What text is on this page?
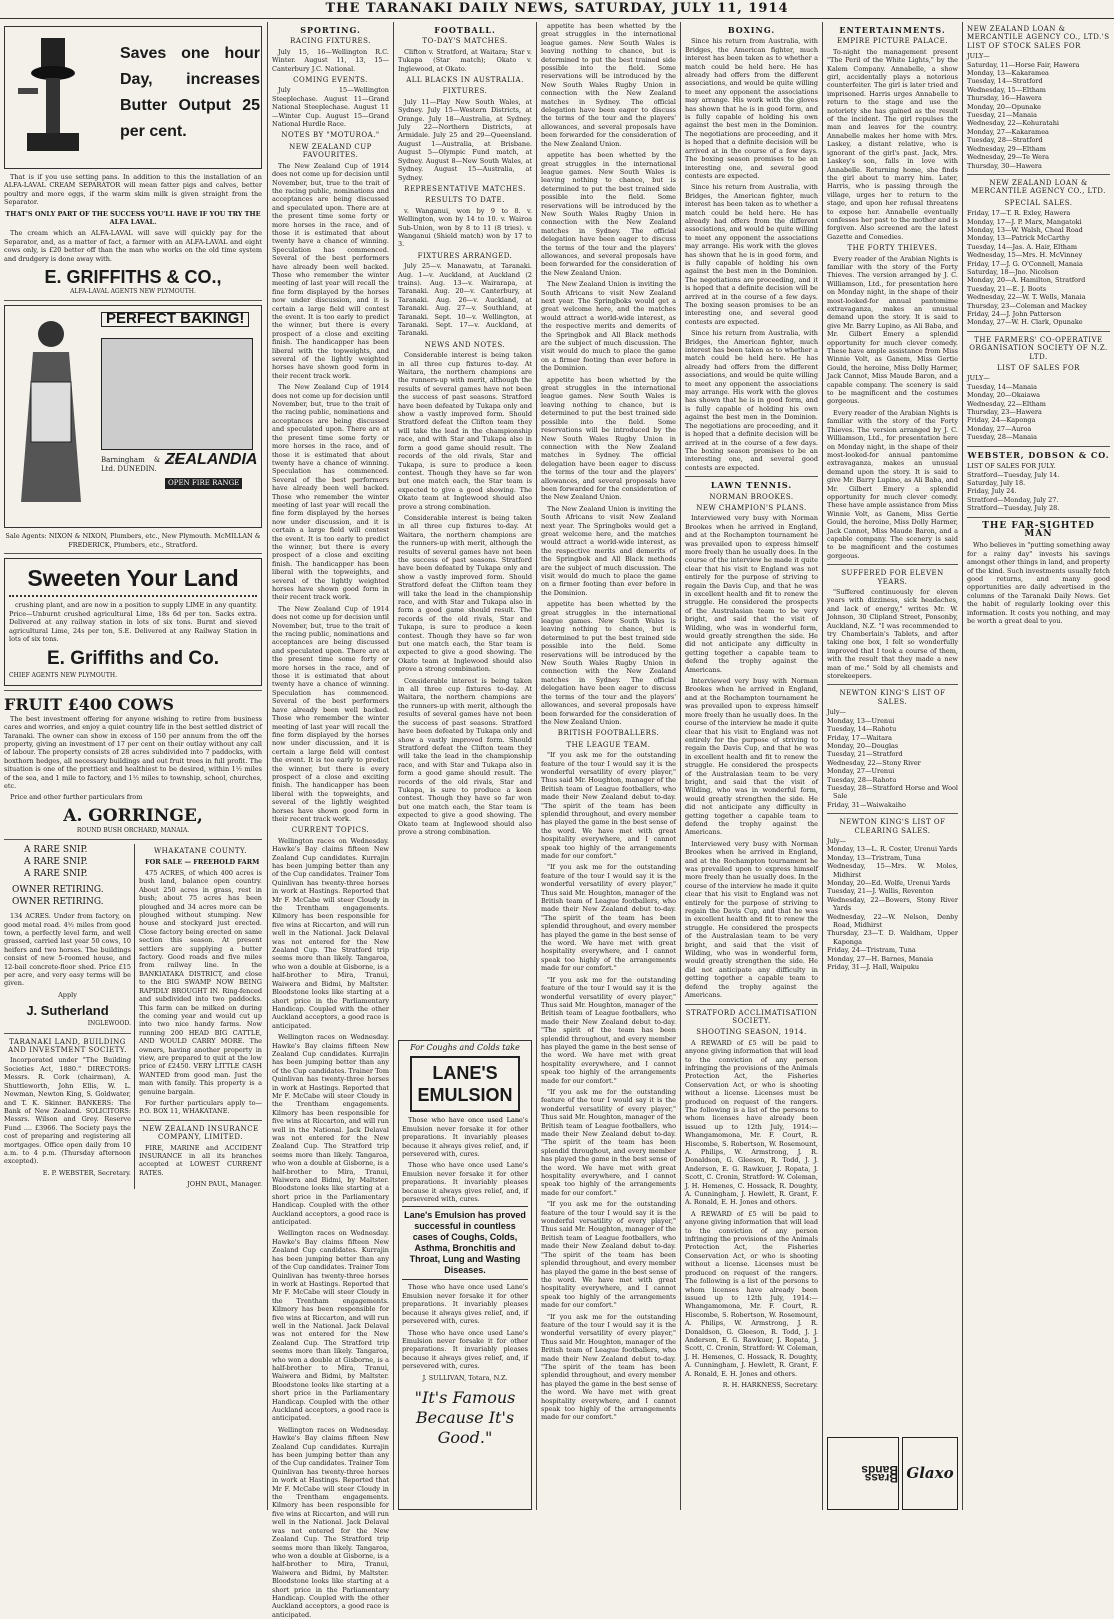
THE TARANAKI DAILY NEWS, SATURDAY, JULY 11, 1914
Saves one hour Day, increases Butter Output 25 per cent.

That is if you use setting pans. In addition to this the installation of an ALFA-LAVAL CREAM SEPARATOR will mean fatter pigs and calves, better poultry and more eggs, if the warm skim milk is given straight from the Separator.

THAT'S ONLY PART OF THE SUCCESS YOU'LL HAVE IF YOU TRY THE ALFA LAVAL.

The cream which an ALFA-LAVAL will save will quickly pay for the Separator, and, as a matter of fact, a farmer with an ALFA-LAVAL and eight cows only, is £20 better off than the man who works on the old time system and drudgery is done away with.

E. GRIFFITHS & CO.,
ALFA-LAVAL AGENTS NEW PLYMOUTH.
PERFECT BAKING!
Barningham & Co. Ltd. DUNEDIN.
ZEALANDIA
OPEN FIRE RANGE

Sale Agents: NIXON & NIXON, Plumbers, etc., New Plymouth. McMILLAN & FREDERICK, Plumbers, etc., Stratford.

Sweeten Your Land

crushing plant, and are now in a position to supply LIME in any quantity. Price—Unburnt crushed agricultural Lime, 18s 6d per ton. Sacks extra. Delivered at any railway station in lots of six tons. Burnt and sieved agricultural Lime, 24s per ton, S.E. Delivered at any Railway Station in lots of six tons.

E. Griffiths and Co.
CHIEF AGENTS NEW PLYMOUTH.
FRUIT £400 COWS

The best investment offering for anyone wishing to retire from business cares and worries, and enjoy a quiet country life in the best settled district of Taranaki. The owner can show in excess of 150 per annum from the off the property, giving an investment of 17 per cent on their outlay without any call of labour. The property consists of 28 acres subdivided into 7 paddocks, with boxthorn hedges, all necessary buildings and out fruit trees in full profit. The situation is one of the prettiest and healthiest to be desired, within 1½ miles of the sea, and 1 mile to factory, and 1½ miles to township, school, churches, etc.

Price and other further particulars from

A. GORRINGE,
ROUND BUSH ORCHARD, MANAIA.
A RARE SNIP.
A RARE SNIP.
A RARE SNIP.
OWNER RETIRING.
OWNER RETIRING.

134 ACRES. Under from factory, on good metal road. 4½ miles from good town, a perfectly level farm, and well grassed, carried last year 50 cows, 10 heifers and two horses. The buildings consist of new 5-roomed house, and 12-bail concrete-floor shed. Price £15 per acre, and very easy terms will be given.

Apply

J. Sutherland
INGLEWOOD.
TARANAKI LAND, BUILDING AND INVESTMENT SOCIETY.

Incorporated under "The Building Societies Act, 1880." DIRECTORS: Messrs. R. Cork (chairman), A. Shuttleworth, John Ellis, W. L. Newman, Newton King, S. Goldwater, and T. K. Skinner. BANKERS: The Bank of New Zealand. SOLICITORS: Messrs. Wilson and Grey. Reserve Fund .... £3966. The Society pays the cost of preparing and registering all mortgages. Office open daily from 10 a.m. to 4 p.m. (Thursday afternoon excepted).

E. P. WEBSTER, Secretary.
WHAKATANE COUNTY.

FOR SALE — FREEHOLD FARM

475 ACRES, of which 400 acres is bush land, balance open country. About 250 acres in grass, rest in bush; about 75 acres has been ploughed and 34 acres more can be ploughed without stumping. New house and stockyard just erected. Close factory being erected on same section this season. At present settlers are supplying a butter factory. Good roads and five miles from railway line. In the BANKIATAKA DISTRICT, and close to the BIG SWAMP NOW BEING RAPIDLY BROUGHT IN. Ring-fenced and subdivided into two paddocks. This farm can be milked on during the coming year and would cut up into two nice handy farms. Now running 200 HEAD BIG CATTLE, AND WOULD CARRY MORE. The owners, having another property in view, are prepared to quit at the low price of £2450. VERY LITTLE CASH WANTED from good man. Just the man with family. This property is a genuine bargain.

For further particulars apply to— P.O. BOX 11, WHAKATANE.

NEW ZEALAND INSURANCE COMPANY, LIMITED.

FIRE, MARINE and ACCIDENT INSURANCE in all its branches accepted at LOWEST CURRENT RATES.

JOHN PAUL, Manager.
SPORTING.
RACING FIXTURES.

July 15, 16—Wellington R.C. Winter. August 11, 13, 15—Canterbury J.C. National.

COMING EVENTS.

July 15—Wellington Steeplechase. August 11—Grand National Steeplechase. August 11—Winter Cup. August 15—Grand National Hurdle Race.

NOTES BY "MOTUROA."
NEW ZEALAND CUP FAVOURITES.

The New Zealand Cup of 1914 does not come up for decision until November, but, true to the trait of the racing public, nominations and acceptances are being discussed and speculated upon. There are at the present time some forty or more horses in the race, and of those it is estimated that about twenty have a chance of winning. Speculation has commenced. Several of the best performers have already been well backed. Those who remember the winter meeting of last year will recall the fine form displayed by the horses now under discussion, and it is certain a large field will contest the event. It is too early to predict the winner, but there is every prospect of a close and exciting finish. The handicapper has been liberal with the topweights, and several of the lightly weighted horses have shown good form in their recent track work.

The New Zealand Cup of 1914 does not come up for decision until November, but, true to the trait of the racing public, nominations and acceptances are being discussed and speculated upon. There are at the present time some forty or more horses in the race, and of those it is estimated that about twenty have a chance of winning. Speculation has commenced. Several of the best performers have already been well backed. Those who remember the winter meeting of last year will recall the fine form displayed by the horses now under discussion, and it is certain a large field will contest the event. It is too early to predict the winner, but there is every prospect of a close and exciting finish. The handicapper has been liberal with the topweights, and several of the lightly weighted horses have shown good form in their recent track work.

The New Zealand Cup of 1914 does not come up for decision until November, but, true to the trait of the racing public, nominations and acceptances are being discussed and speculated upon. There are at the present time some forty or more horses in the race, and of those it is estimated that about twenty have a chance of winning. Speculation has commenced. Several of the best performers have already been well backed. Those who remember the winter meeting of last year will recall the fine form displayed by the horses now under discussion, and it is certain a large field will contest the event. It is too early to predict the winner, but there is every prospect of a close and exciting finish. The handicapper has been liberal with the topweights, and several of the lightly weighted horses have shown good form in their recent track work.

CURRENT TOPICS.

Wellington races on Wednesday. Hawke's Bay claims fifteen New Zealand Cup candidates. Kurrajin has been jumping better than any of the Cup candidates. Trainer Tom Quinlivan has twenty-three horses in work at Hastings. Reported that Mr F. McCabe will steer Cloudy in the Trentham engagements. Kilmory has been responsible for five wins at Riccarton, and will run well in the National. Jack Delaval was not entered for the New Zealand Cup. The Stratford trip seems more than likely. Tangaroa, who won a double at Gisborne, is a half-brother to Mira, Tranui, Waiwera and Bidmi, by Maltster. Bloodstone looks like starting at a short price in the Parliamentary Handicap. Coupled with the other Auckland acceptors, a good race is anticipated.

Wellington races on Wednesday. Hawke's Bay claims fifteen New Zealand Cup candidates. Kurrajin has been jumping better than any of the Cup candidates. Trainer Tom Quinlivan has twenty-three horses in work at Hastings. Reported that Mr F. McCabe will steer Cloudy in the Trentham engagements. Kilmory has been responsible for five wins at Riccarton, and will run well in the National. Jack Delaval was not entered for the New Zealand Cup. The Stratford trip seems more than likely. Tangaroa, who won a double at Gisborne, is a half-brother to Mira, Tranui, Waiwera and Bidmi, by Maltster. Bloodstone looks like starting at a short price in the Parliamentary Handicap. Coupled with the other Auckland acceptors, a good race is anticipated.

Wellington races on Wednesday. Hawke's Bay claims fifteen New Zealand Cup candidates. Kurrajin has been jumping better than any of the Cup candidates. Trainer Tom Quinlivan has twenty-three horses in work at Hastings. Reported that Mr F. McCabe will steer Cloudy in the Trentham engagements. Kilmory has been responsible for five wins at Riccarton, and will run well in the National. Jack Delaval was not entered for the New Zealand Cup. The Stratford trip seems more than likely. Tangaroa, who won a double at Gisborne, is a half-brother to Mira, Tranui, Waiwera and Bidmi, by Maltster. Bloodstone looks like starting at a short price in the Parliamentary Handicap. Coupled with the other Auckland acceptors, a good race is anticipated.

Wellington races on Wednesday. Hawke's Bay claims fifteen New Zealand Cup candidates. Kurrajin has been jumping better than any of the Cup candidates. Trainer Tom Quinlivan has twenty-three horses in work at Hastings. Reported that Mr F. McCabe will steer Cloudy in the Trentham engagements. Kilmory has been responsible for five wins at Riccarton, and will run well in the National. Jack Delaval was not entered for the New Zealand Cup. The Stratford trip seems more than likely. Tangaroa, who won a double at Gisborne, is a half-brother to Mira, Tranui, Waiwera and Bidmi, by Maltster. Bloodstone looks like starting at a short price in the Parliamentary Handicap. Coupled with the other Auckland acceptors, a good race is anticipated.

FOOTBALL.
TO-DAY'S MATCHES.

Clifton v. Stratford, at Waitara; Star v. Tukapa (Star match); Okato v. Inglewood, at Okato.

ALL BLACKS IN AUSTRALIA.
FIXTURES.

July 11—Play New South Wales, at Sydney. July 15—Western Districts, at Orange. July 18—Australia, at Sydney. July 22—Northern Districts, at Armidale. July 25 and 29—Queensland. August 1—Australia, at Brisbane. August 5—Olympic Fund match, at Sydney. August 8—New South Wales, at Sydney. August 15—Australia, at Sydney.

REPRESENTATIVE MATCHES.
RESULTS TO DATE.

v. Wanganui, won by 9 to 8. v. Wellington, won by 14 to 10. v. Wairoa Sub-Union, won by 8 to 11 (8 tries). v. Wanganui (Shield match) won by 17 to 3.

FIXTURES ARRANGED.

July 25—v. Manawatu, at Taranaki. Aug. 1—v. Auckland, at Auckland (2 trains). Aug. 13—v. Wairarapa, at Taranaki. Aug. 20—v. Canterbury, at Taranaki. Aug. 26—v. Auckland, at Taranaki. Aug. 27—v. Southland, at Taranaki. Sept. 10—v. Wellington, at Taranaki. Sept. 17—v. Auckland, at Taranaki.

NEWS AND NOTES.

Considerable interest is being taken in all three cup fixtures to-day. At Waitara, the northern champions are the runners-up with merit, although the results of several games have not been the success of past seasons. Stratford have been defeated by Tukapa only and show a vastly improved form. Should Stratford defeat the Clifton team they will take the lead in the championship race, and with Star and Tukapa also in form a good game should result. The records of the old rivals, Star and Tukapa, is sure to produce a keen contest. Though they have so far won but one match each, the Star team is expected to give a good showing. The Okato team at Inglewood should also prove a strong combination.

Considerable interest is being taken in all three cup fixtures to-day. At Waitara, the northern champions are the runners-up with merit, although the results of several games have not been the success of past seasons. Stratford have been defeated by Tukapa only and show a vastly improved form. Should Stratford defeat the Clifton team they will take the lead in the championship race, and with Star and Tukapa also in form a good game should result. The records of the old rivals, Star and Tukapa, is sure to produce a keen contest. Though they have so far won but one match each, the Star team is expected to give a good showing. The Okato team at Inglewood should also prove a strong combination.

Considerable interest is being taken in all three cup fixtures to-day. At Waitara, the northern champions are the runners-up with merit, although the results of several games have not been the success of past seasons. Stratford have been defeated by Tukapa only and show a vastly improved form. Should Stratford defeat the Clifton team they will take the lead in the championship race, and with Star and Tukapa also in form a good game should result. The records of the old rivals, Star and Tukapa, is sure to produce a keen contest. Though they have so far won but one match each, the Star team is expected to give a good showing. The Okato team at Inglewood should also prove a strong combination.

For Coughs and Colds take
LANE'S EMULSION

Those who have once used Lane's Emulsion never forsake it for other preparations. It invariably pleases because it always gives relief, and, if persevered with, cures.

Those who have once used Lane's Emulsion never forsake it for other preparations. It invariably pleases because it always gives relief, and, if persevered with, cures.

Lane's Emulsion has proved successful in countless cases of Coughs, Colds, Asthma, Bronchitis and Throat, Lung and Wasting Diseases.

Those who have once used Lane's Emulsion never forsake it for other preparations. It invariably pleases because it always gives relief, and, if persevered with, cures.

Those who have once used Lane's Emulsion never forsake it for other preparations. It invariably pleases because it always gives relief, and, if persevered with, cures.

J. SULLIVAN, Totara, N.Z.
"It's Famous Because It's Good."

appetite has been whetted by the great struggles in the international league games. New South Wales is leaving nothing to chance, but is determined to put the best trained side possible into the field. Some reservations will be introduced by the New South Wales Rugby Union in connection with the New Zealand matches in Sydney. The official delegation have been eager to discuss the terms of the tour and the players' allowances, and several proposals have been forwarded for the consideration of the New Zealand Union.

appetite has been whetted by the great struggles in the international league games. New South Wales is leaving nothing to chance, but is determined to put the best trained side possible into the field. Some reservations will be introduced by the New South Wales Rugby Union in connection with the New Zealand matches in Sydney. The official delegation have been eager to discuss the terms of the tour and the players' allowances, and several proposals have been forwarded for the consideration of the New Zealand Union.

The New Zealand Union is inviting the South Africans to visit New Zealand next year. The Springboks would get a great welcome here, and the matches would attract a world-wide interest, as the respective merits and demerits of the Springbok and All Black methods are the subject of much discussion. The visit would do much to place the game on a firmer footing than ever before in the Dominion.

appetite has been whetted by the great struggles in the international league games. New South Wales is leaving nothing to chance, but is determined to put the best trained side possible into the field. Some reservations will be introduced by the New South Wales Rugby Union in connection with the New Zealand matches in Sydney. The official delegation have been eager to discuss the terms of the tour and the players' allowances, and several proposals have been forwarded for the consideration of the New Zealand Union.

The New Zealand Union is inviting the South Africans to visit New Zealand next year. The Springboks would get a great welcome here, and the matches would attract a world-wide interest, as the respective merits and demerits of the Springbok and All Black methods are the subject of much discussion. The visit would do much to place the game on a firmer footing than ever before in the Dominion.

appetite has been whetted by the great struggles in the international league games. New South Wales is leaving nothing to chance, but is determined to put the best trained side possible into the field. Some reservations will be introduced by the New South Wales Rugby Union in connection with the New Zealand matches in Sydney. The official delegation have been eager to discuss the terms of the tour and the players' allowances, and several proposals have been forwarded for the consideration of the New Zealand Union.

BRITISH FOOTBALLERS.
THE LEAGUE TEAM.

"If you ask me for the outstanding feature of the tour I would say it is the wonderful versatility of every player," Thus said Mr. Houghton, manager of the British team of League footballers, who made their New Zealand debut to-day. "The spirit of the team has been splendid throughout, and every member has played the game in the best sense of the word. We have met with great hospitality everywhere, and I cannot speak too highly of the arrangements made for our comfort."

"If you ask me for the outstanding feature of the tour I would say it is the wonderful versatility of every player," Thus said Mr. Houghton, manager of the British team of League footballers, who made their New Zealand debut to-day. "The spirit of the team has been splendid throughout, and every member has played the game in the best sense of the word. We have met with great hospitality everywhere, and I cannot speak too highly of the arrangements made for our comfort."

"If you ask me for the outstanding feature of the tour I would say it is the wonderful versatility of every player," Thus said Mr. Houghton, manager of the British team of League footballers, who made their New Zealand debut to-day. "The spirit of the team has been splendid throughout, and every member has played the game in the best sense of the word. We have met with great hospitality everywhere, and I cannot speak too highly of the arrangements made for our comfort."

"If you ask me for the outstanding feature of the tour I would say it is the wonderful versatility of every player," Thus said Mr. Houghton, manager of the British team of League footballers, who made their New Zealand debut to-day. "The spirit of the team has been splendid throughout, and every member has played the game in the best sense of the word. We have met with great hospitality everywhere, and I cannot speak too highly of the arrangements made for our comfort."

"If you ask me for the outstanding feature of the tour I would say it is the wonderful versatility of every player," Thus said Mr. Houghton, manager of the British team of League footballers, who made their New Zealand debut to-day. "The spirit of the team has been splendid throughout, and every member has played the game in the best sense of the word. We have met with great hospitality everywhere, and I cannot speak too highly of the arrangements made for our comfort."

"If you ask me for the outstanding feature of the tour I would say it is the wonderful versatility of every player," Thus said Mr. Houghton, manager of the British team of League footballers, who made their New Zealand debut to-day. "The spirit of the team has been splendid throughout, and every member has played the game in the best sense of the word. We have met with great hospitality everywhere, and I cannot speak too highly of the arrangements made for our comfort."

BOXING.

Since his return from Australia, with Bridges, the American fighter, much interest has been taken as to whether a match could be held here. He has already had offers from the different associations, and would be quite willing to meet any opponent the associations may arrange. His work with the gloves has shown that he is in good form, and is fully capable of holding his own against the best men in the Dominion. The negotiations are proceeding, and it is hoped that a definite decision will be arrived at in the course of a few days. The boxing season promises to be an interesting one, and several good contests are expected.

Since his return from Australia, with Bridges, the American fighter, much interest has been taken as to whether a match could be held here. He has already had offers from the different associations, and would be quite willing to meet any opponent the associations may arrange. His work with the gloves has shown that he is in good form, and is fully capable of holding his own against the best men in the Dominion. The negotiations are proceeding, and it is hoped that a definite decision will be arrived at in the course of a few days. The boxing season promises to be an interesting one, and several good contests are expected.

Since his return from Australia, with Bridges, the American fighter, much interest has been taken as to whether a match could be held here. He has already had offers from the different associations, and would be quite willing to meet any opponent the associations may arrange. His work with the gloves has shown that he is in good form, and is fully capable of holding his own against the best men in the Dominion. The negotiations are proceeding, and it is hoped that a definite decision will be arrived at in the course of a few days. The boxing season promises to be an interesting one, and several good contests are expected.

LAWN TENNIS.
NORMAN BROOKES.
NEW CHAMPION'S PLANS.

Interviewed very busy with Norman Brookes when he arrived in England, and at the Rochampton tournament he was prevailed upon to express himself more freely than he usually does. In the course of the interview he made it quite clear that his visit to England was not entirely for the purpose of striving to regain the Davis Cup, and that he was in excellent health and fit to renew the struggle. He considered the prospects of the Australasian team to be very bright, and said that the visit of Wilding, who was in wonderful form, would greatly strengthen the side. He did not anticipate any difficulty in getting together a capable team to defend the trophy against the Americans.

Interviewed very busy with Norman Brookes when he arrived in England, and at the Rochampton tournament he was prevailed upon to express himself more freely than he usually does. In the course of the interview he made it quite clear that his visit to England was not entirely for the purpose of striving to regain the Davis Cup, and that he was in excellent health and fit to renew the struggle. He considered the prospects of the Australasian team to be very bright, and said that the visit of Wilding, who was in wonderful form, would greatly strengthen the side. He did not anticipate any difficulty in getting together a capable team to defend the trophy against the Americans.

Interviewed very busy with Norman Brookes when he arrived in England, and at the Rochampton tournament he was prevailed upon to express himself more freely than he usually does. In the course of the interview he made it quite clear that his visit to England was not entirely for the purpose of striving to regain the Davis Cup, and that he was in excellent health and fit to renew the struggle. He considered the prospects of the Australasian team to be very bright, and said that the visit of Wilding, who was in wonderful form, would greatly strengthen the side. He did not anticipate any difficulty in getting together a capable team to defend the trophy against the Americans.

STRATFORD ACCLIMATISATION SOCIETY.
SHOOTING SEASON, 1914.

A REWARD of £5 will be paid to anyone giving information that will lead to the conviction of any person infringing the provisions of the Animals Protection Act, the Fisheries Conservation Act, or who is shooting without a license. Licenses must be produced on request of the rangers. The following is a list of the persons to whom licenses have already been issued up to 12th July, 1914:—Whangamomona, Mr. F. Court, R. Hiscombe, S. Robertson, W. Rosemount, A. Philips, W. Armstrong, J. R. Donaldson, G. Gleeson, R. Todd, J. J. Anderson, E. G. Rawkuer, J. Ropata, J. Scott, C. Cronin, Stratford: W. Coleman, J. H. Hemenes, C. Hossack, R. Doughty, A. Cunningham, J. Hewlett, R. Grant, F. A. Ronald, E. H. Jones and others.

A REWARD of £5 will be paid to anyone giving information that will lead to the conviction of any person infringing the provisions of the Animals Protection Act, the Fisheries Conservation Act, or who is shooting without a license. Licenses must be produced on request of the rangers. The following is a list of the persons to whom licenses have already been issued up to 12th July, 1914:—Whangamomona, Mr. F. Court, R. Hiscombe, S. Robertson, W. Rosemount, A. Philips, W. Armstrong, J. R. Donaldson, G. Gleeson, R. Todd, J. J. Anderson, E. G. Rawkuer, J. Ropata, J. Scott, C. Cronin, Stratford: W. Coleman, J. H. Hemenes, C. Hossack, R. Doughty, A. Cunningham, J. Hewlett, R. Grant, F. A. Ronald, E. H. Jones and others.

R. H. HARKNESS, Secretary.
ENTERTAINMENTS.
EMPIRE PICTURE PALACE.

To-night the management present "The Peril of the White Lights," by the Kalem Company. Annabelle, a show girl, accidentally plays a notorious counterfeiter. The girl is later tried and imprisoned. Harris urges Annabelle to return to the stage and use the notoriety she has gained as the result of the incident. The girl repulses the man and leaves for the country. Annabelle makes her home with Mrs. Laskey, a distant relative, who is ignorant of the girl's past. Jack, Mrs. Laskey's son, falls in love with Annabelle. Returning home, she finds the girl about to marry him. Later, Harris, who is passing through the village, urges her to return to the stage, and upon her refusal threatens to expose her. Annabelle eventually confesses her past to the mother and is forgiven. Also screened are the latest Gazette and Comedies.

THE FORTY THIEVES.

Every reader of the Arabian Nights is familiar with the story of the Forty Thieves. The version arranged by J. C. Williamson, Ltd., for presentation here on Monday night, in the shape of their most-looked-for annual pantomime extravaganza, makes an unusual demand upon the story. It is said to give Mr. Barry Lupino, as Ali Baba, and Mr. Gilbert Emery a splendid opportunity for much clever comedy. These have ample assistance from Miss Winnie Volt, as Ganem, Miss Gertie Gould, the heroine, Miss Dolly Harmer, Jack Cannot, Miss Maude Baron, and a capable company. The scenery is said to be magnificent and the costumes gorgeous.

Every reader of the Arabian Nights is familiar with the story of the Forty Thieves. The version arranged by J. C. Williamson, Ltd., for presentation here on Monday night, in the shape of their most-looked-for annual pantomime extravaganza, makes an unusual demand upon the story. It is said to give Mr. Barry Lupino, as Ali Baba, and Mr. Gilbert Emery a splendid opportunity for much clever comedy. These have ample assistance from Miss Winnie Volt, as Ganem, Miss Gertie Gould, the heroine, Miss Dolly Harmer, Jack Cannot, Miss Maude Baron, and a capable company. The scenery is said to be magnificent and the costumes gorgeous.

SUFFERED FOR ELEVEN YEARS.

"Suffered continuously for eleven years with dizziness, sick headaches, and lack of energy," writes Mr. W. Johnson, 30 Clipland Street, Ponsonby, Auckland, N.Z. "I was recommended to try Chamberlain's Tablets, and after taking one box, I felt so wonderfully improved that I took a course of them, with the result that they made a new man of me." Sold by all chemists and storekeepers.

NEWTON KING'S LIST OF SALES.
July—
Monday, 13—Urenui
Tuesday, 14—Rahotu
Friday, 17—Waitara
Monday, 20—Douglas
Tuesday, 21—Stratford
Wednesday, 22—Stony River
Monday, 27—Urenui
Tuesday, 28—Rahotu
Tuesday, 28—Stratford Horse and Wool Sale
Friday, 31—Waiwakaiho
NEWTON KING'S LIST OF CLEARING SALES.
July—
Monday, 13—L. R. Coster, Urenui Yards
Monday, 13—Tristram, Tuna
Wednesday, 15—Mrs. W. Moles, Midhirst
Monday, 20—Ed. Wolfe, Urenui Yards
Tuesday, 21—J. Wallis, Reventon
Wednesday, 22—Bowers, Stony River Yards
Wednesday, 22—W. Nelson, Denby Road, Midhirst
Thursday, 23—T. D. Waldham, Upper Kaponga
Friday, 24—Tristram, Tuna
Monday, 27—H. Barnes, Manaia
Friday, 31—J. Hall, Waipuku
Brass Bands Glaxo
NEW ZEALAND LOAN & MERCANTILE AGENCY CO., LTD.'S LIST OF STOCK SALES FOR
JULY—
Saturday, 11—Horse Fair, Hawera
Monday, 13—Kakaramea
Tuesday, 14—Stratford
Wednesday, 15—Eltham
Thursday, 16—Hawera
Monday, 20—Opunake
Tuesday, 21—Manaia
Wednesday, 22—Kohuratahi
Monday, 27—Kakaramea
Tuesday, 28—Stratford
Wednesday, 29—Eltham
Wednesday, 29—Te Wera
Thursday, 30—Hawera
NEW ZEALAND LOAN & MERCANTILE AGENCY CO., LTD.
SPECIAL SALES.
Friday, 17—T. R. Exley, Hawera
Monday, 17—J. P. Marx, Mangatoki
Monday, 13—W. Walsh, Cheal Road
Monday, 13—Patrick McCarthy
Tuesday, 14—Jas. A. Hair, Eltham
Wednesday, 15—Mrs. H. McVinney
Friday, 17—J. G. O'Connell, Manaia
Saturday, 18—Jno. Nicolson
Monday, 20—A. Hamilton, Stratford
Tuesday, 21—E. J. Boots
Wednesday, 22—W. T. Wells, Manaia
Thursday, 23—Coleman and Mackey
Friday, 24—J. John Patterson
Monday, 27—W. H. Clark, Opunake
THE FARMERS' CO-OPERATIVE ORGANISATION SOCIETY OF N.Z. LTD.
LIST OF SALES FOR
JULY—
Tuesday, 14—Manaia
Monday, 20—Okaiawa
Wednesday, 22—Eltham
Thursday, 23—Hawera
Friday, 24—Kaponga
Monday, 27—Auroa
Tuesday, 28—Manaia
WEBSTER, DOBSON & CO.
LIST OF SALES FOR JULY.
Stratford—Tuesday, July 14.
Saturday, July 18.
Friday, July 24.
Stratford—Monday, July 27.
Stratford—Tuesday, July 28.
THE FAR-SIGHTED MAN

Who believes in "putting something away for a rainy day" invests his savings amongst other things in land, and property of the kind. Such investments usually fetch good returns, and many good opportunities are daily advertised in the columns of the Taranaki Daily News. Get the habit of regularly looking over this information. It costs you nothing, and may be worth a great deal to you.
